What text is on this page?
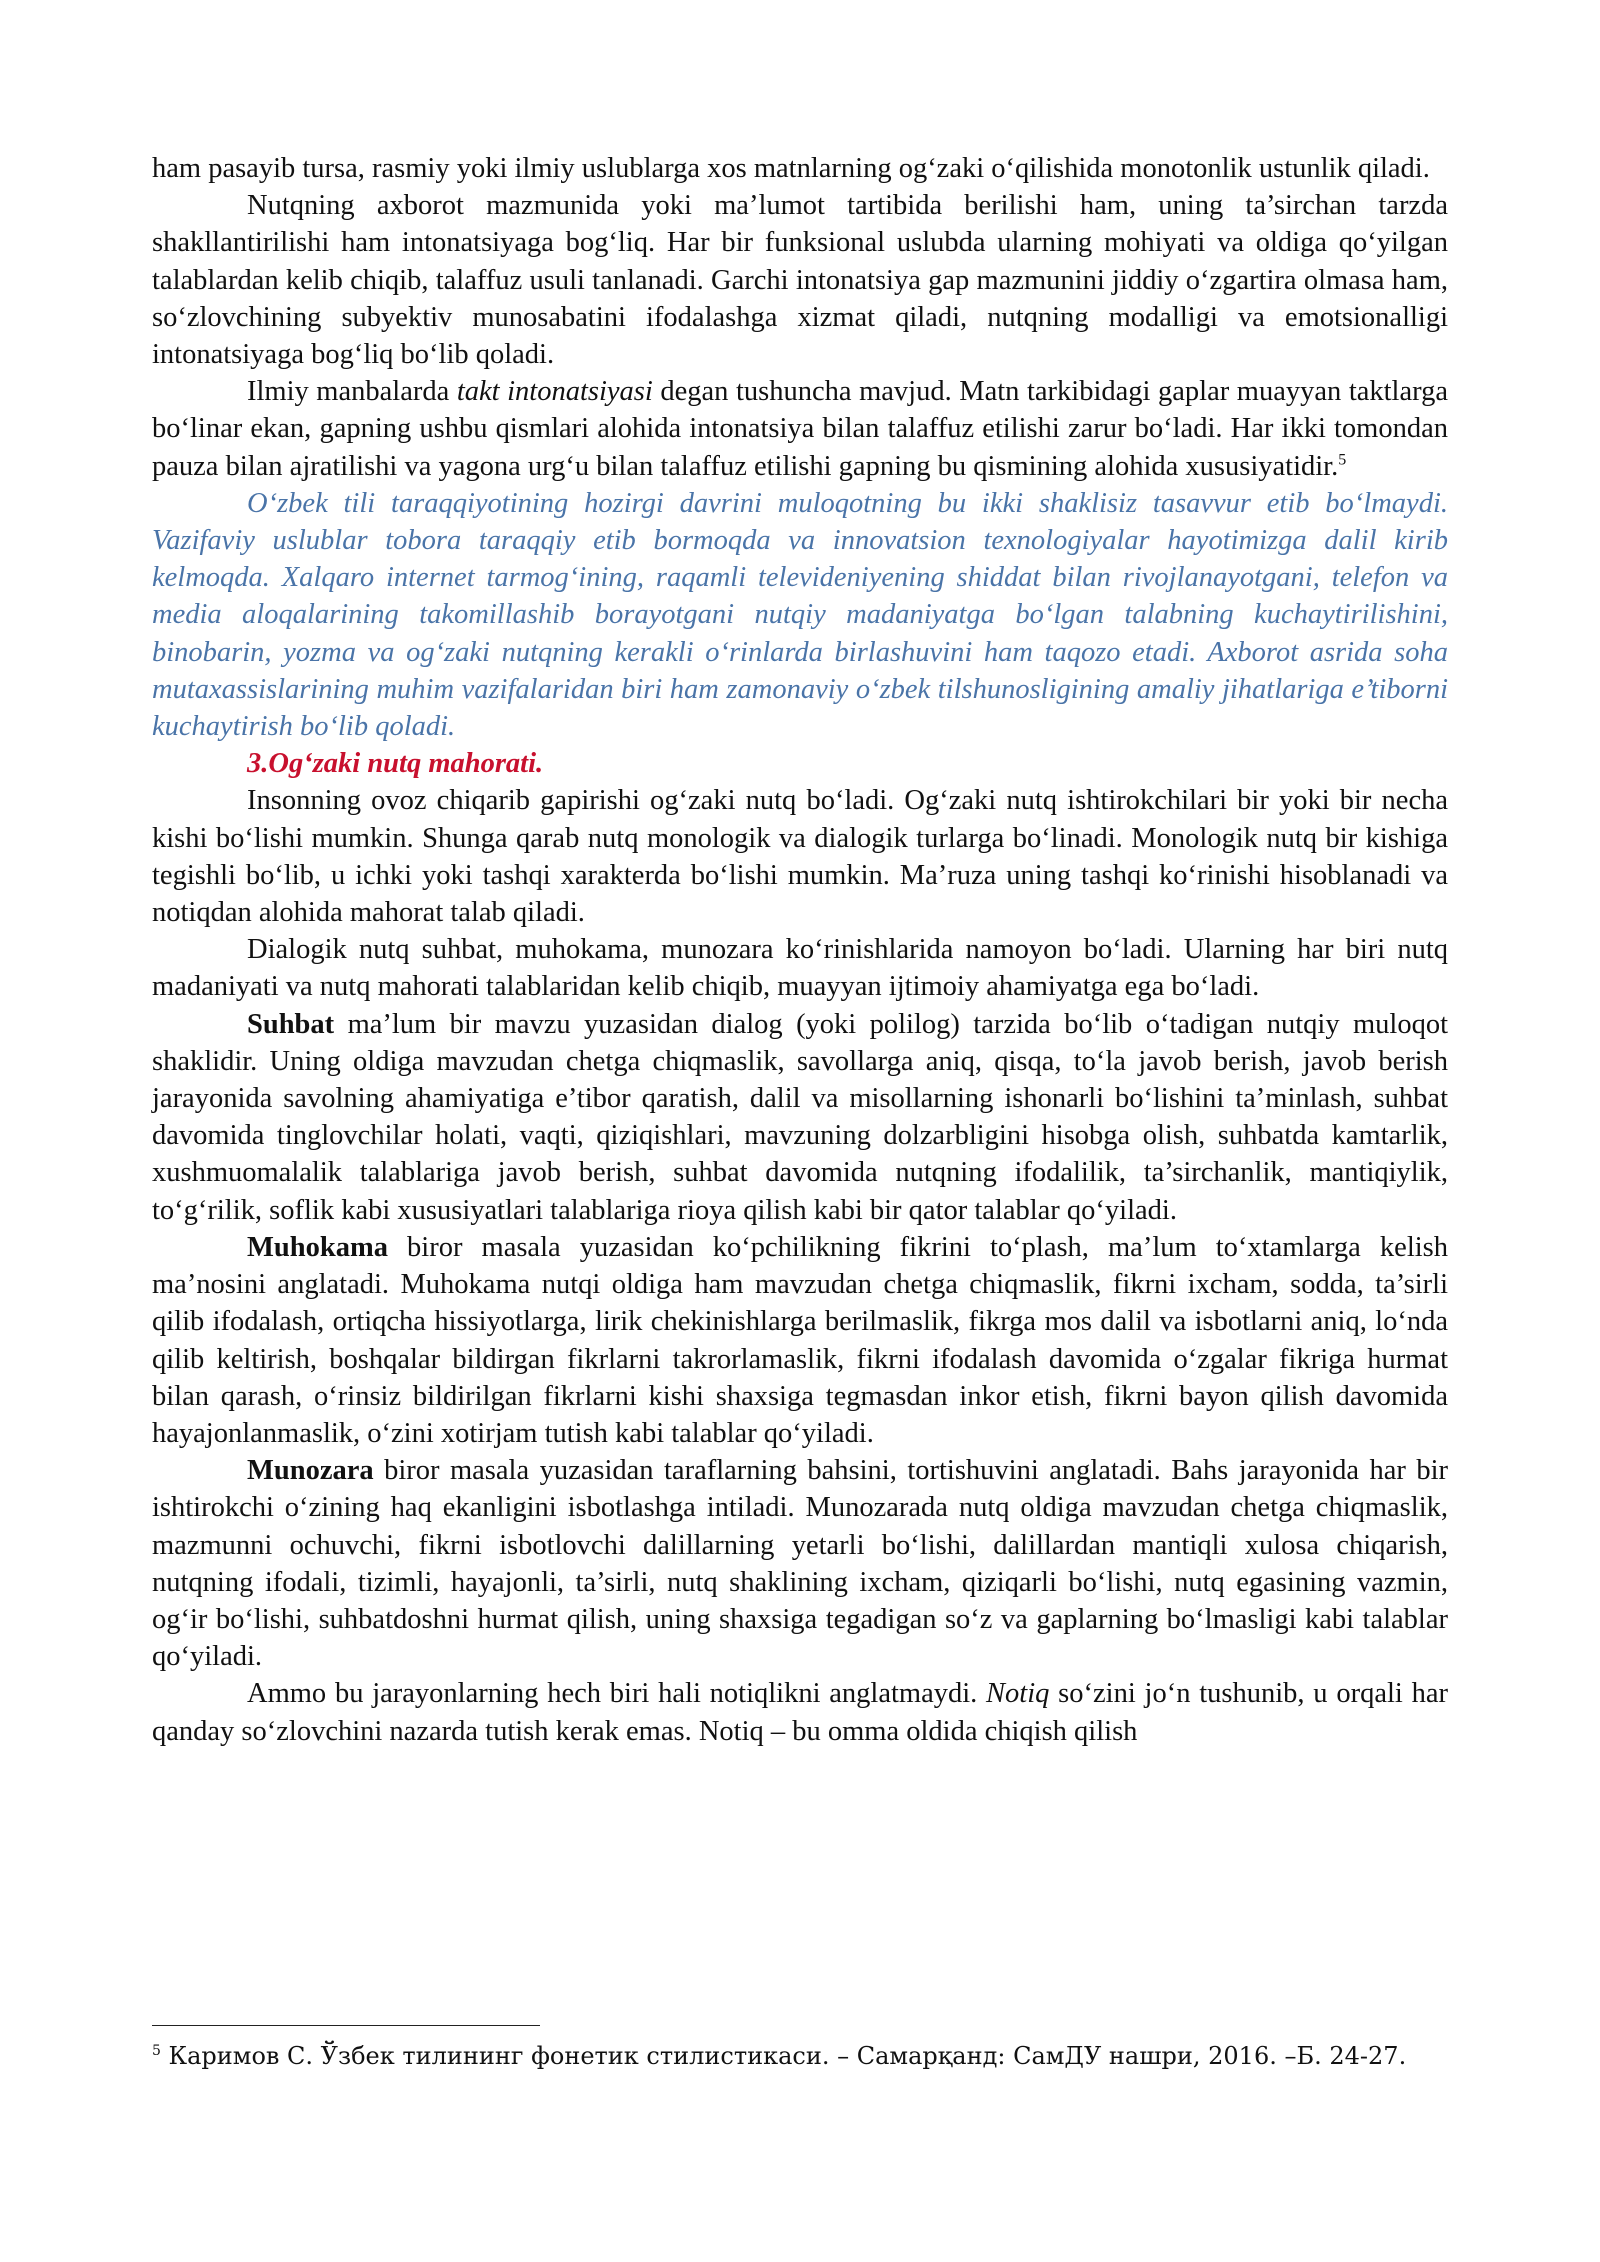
ham pasayib tursa, rasmiy yoki ilmiy uslublarga xos matnlarning og‘zaki o‘qilishida monotonlik ustunlik qiladi.

Nutqning axborot mazmunida yoki ma’lumot tartibida berilishi ham, uning ta’sirchan tarzda shakllantirilishi ham intonatsiyaga bog‘liq. Har bir funksional uslubda ularning mohiyati va oldiga qo‘yilgan talablardan kelib chiqib, talaffuz usuli tanlanadi. Garchi intonatsiya gap mazmunini jiddiy o‘zgartira olmasa ham, so‘zlovchining subyektiv munosabatini ifodalashga xizmat qiladi, nutqning modalligi va emotsionalligi intonatsiyaga bog‘liq bo‘lib qoladi.

Ilmiy manbalarda takt intonatsiyasi degan tushuncha mavjud. Matn tarkibidagi gaplar muayyan taktlarga bo‘linar ekan, gapning ushbu qismlari alohida intonatsiya bilan talaffuz etilishi zarur bo‘ladi. Har ikki tomondan pauza bilan ajratilishi va yagona urg‘u bilan talaffuz etilishi gapning bu qismining alohida xususiyatidir.$^5$

O‘zbek tili taraqqiyotining hozirgi davrini muloqotning bu ikki shaklisiz tasavvur etib bo‘lmaydi. Vazifaviy uslublar tobora taraqqiy etib bormoqda va innovatsion texnologiyalar hayotimizga dalil kirib kelmoqda. Xalqaro internet tarmog‘ining, raqamli televideniyening shiddat bilan rivojlanayotgani, telefon va media aloqalarining takomillashib borayotgani nutqiy madaniyatga bo‘lgan talabning kuchaytirilishini, binobarin, yozma va og‘zaki nutqning kerakli o‘rinlarda birlashuvini ham taqozo etadi. Axborot asrida soha mutaxassislarining muhim vazifalaridan biri ham zamonaviy o‘zbek tilshunosligining amaliy jihatlariga e’tiborni kuchaytirish bo‘lib qoladi.

3.Og‘zaki nutq mahorati.

Insonning ovoz chiqarib gapirishi og‘zaki nutq bo‘ladi. Og‘zaki nutq ishtirokchilari bir yoki bir necha kishi bo‘lishi mumkin. Shunga qarab nutq monologik va dialogik turlarga bo‘linadi. Monologik nutq bir kishiga tegishli bo‘lib, u ichki yoki tashqi xarakterda bo‘lishi mumkin. Ma’ruza uning tashqi ko‘rinishi hisoblanadi va notiqdan alohida mahorat talab qiladi.

Dialogik nutq suhbat, muhokama, munozara ko‘rinishlarida namoyon bo‘ladi. Ularning har biri nutq madaniyati va nutq mahorati talablaridan kelib chiqib, muayyan ijtimoiy ahamiyatga ega bo‘ladi.

Suhbat ma’lum bir mavzu yuzasidan dialog (yoki polilog) tarzida bo‘lib o‘tadigan nutqiy muloqot shaklidir. Uning oldiga mavzudan chetga chiqmaslik, savollarga aniq, qisqa, to‘la javob berish, javob berish jarayonida savolning ahamiyatiga e’tibor qaratish, dalil va misollarning ishonarli bo‘lishini ta’minlash, suhbat davomida tinglovchilar holati, vaqti, qiziqishlari, mavzuning dolzarbligini hisobga olish, suhbatda kamtarlik, xushmuomalalik talablariga javob berish, suhbat davomida nutqning ifodalilik, ta’sirchanlik, mantiqiylik, to‘g‘rilik, soflik kabi xususiyatlari talablariga rioya qilish kabi bir qator talablar qo‘yiladi.

Muhokama biror masala yuzasidan ko‘pchilikning fikrini to‘plash, ma’lum to‘xtamlarga kelish ma’nosini anglatadi. Muhokama nutqi oldiga ham mavzudan chetga chiqmaslik, fikrni ixcham, sodda, ta’sirli qilib ifodalash, ortiqcha hissiyotlarga, lirik chekinishlarga berilmaslik, fikrga mos dalil va isbotlarni aniq, lo‘nda qilib keltirish, boshqalar bildirgan fikrlarni takrorlamaslik, fikrni ifodalash davomida o‘zgalar fikriga hurmat bilan qarash, o‘rinsiz bildirilgan fikrlarni kishi shaxsiga tegmasdan inkor etish, fikrni bayon qilish davomida hayajonlanmaslik, o‘zini xotirjam tutish kabi talablar qo‘yiladi.

Munozara biror masala yuzasidan taraflarning bahsini, tortishuvini anglatadi. Bahs jarayonida har bir ishtirokchi o‘zining haq ekanligini isbotlashga intiladi. Munozarada nutq oldiga mavzudan chetga chiqmaslik, mazmunni ochuvchi, fikrni isbotlovchi dalillarning yetarli bo‘lishi, dalillardan mantiqli xulosa chiqarish, nutqning ifodali, tizimli, hayajonli, ta’sirli, nutq shaklining ixcham, qiziqarli bo‘lishi, nutq egasining vazmin, og‘ir bo‘lishi, suhbatdoshni hurmat qilish, uning shaxsiga tegadigan so‘z va gaplarning bo‘lmasligi kabi talablar qo‘yiladi.

Ammo bu jarayonlarning hech biri hali notiqlikni anglatmaydi. Notiq so‘zini jo‘n tushunib, u orqali har qanday so‘zlovchini nazarda tutish kerak emas. Notiq – bu omma oldida chiqish qilish

$^5$ Каримов С. Ўзбек тилининг фонетик стилистикаси. – Самарқанд: СамДУ нашри, 2016. –Б. 24-27.
